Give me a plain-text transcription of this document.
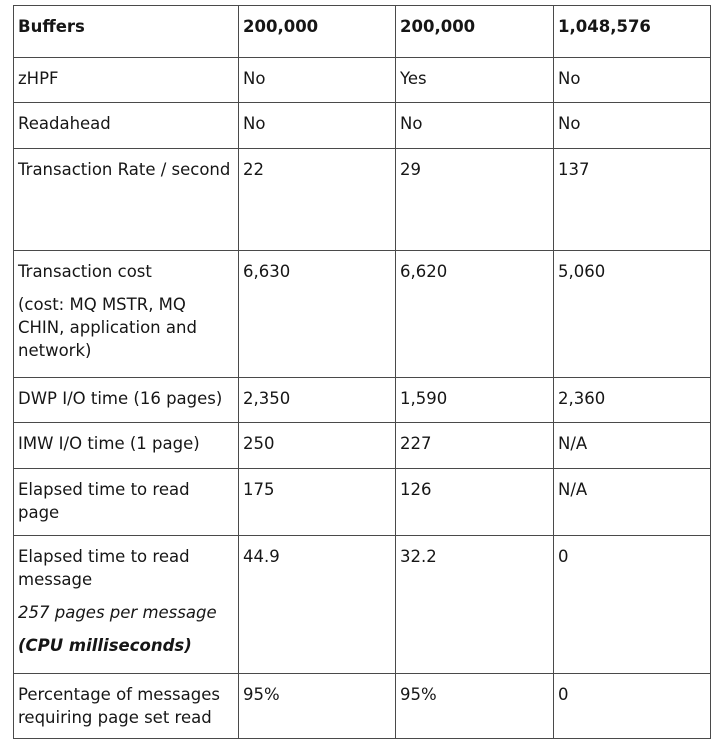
Buffers	200,000	200,000	1,048,576
zHPF	No	Yes	No
Readahead	No	No	No
Transaction Rate / second	22	29	137

Transaction cost

(cost: MQ MSTR, MQ CHIN, application and network)	6,630	6,620	5,060
DWP I/O time (16 pages)	2,350	1,590	2,360
IMW I/O time (1 page)	250	227	N/A
Elapsed time to read page	175	126	N/A

Elapsed time to read message

257 pages per message

(CPU milliseconds)	44.9	32.2	0
Percentage of messages requiring page set read	95%	95%	0
